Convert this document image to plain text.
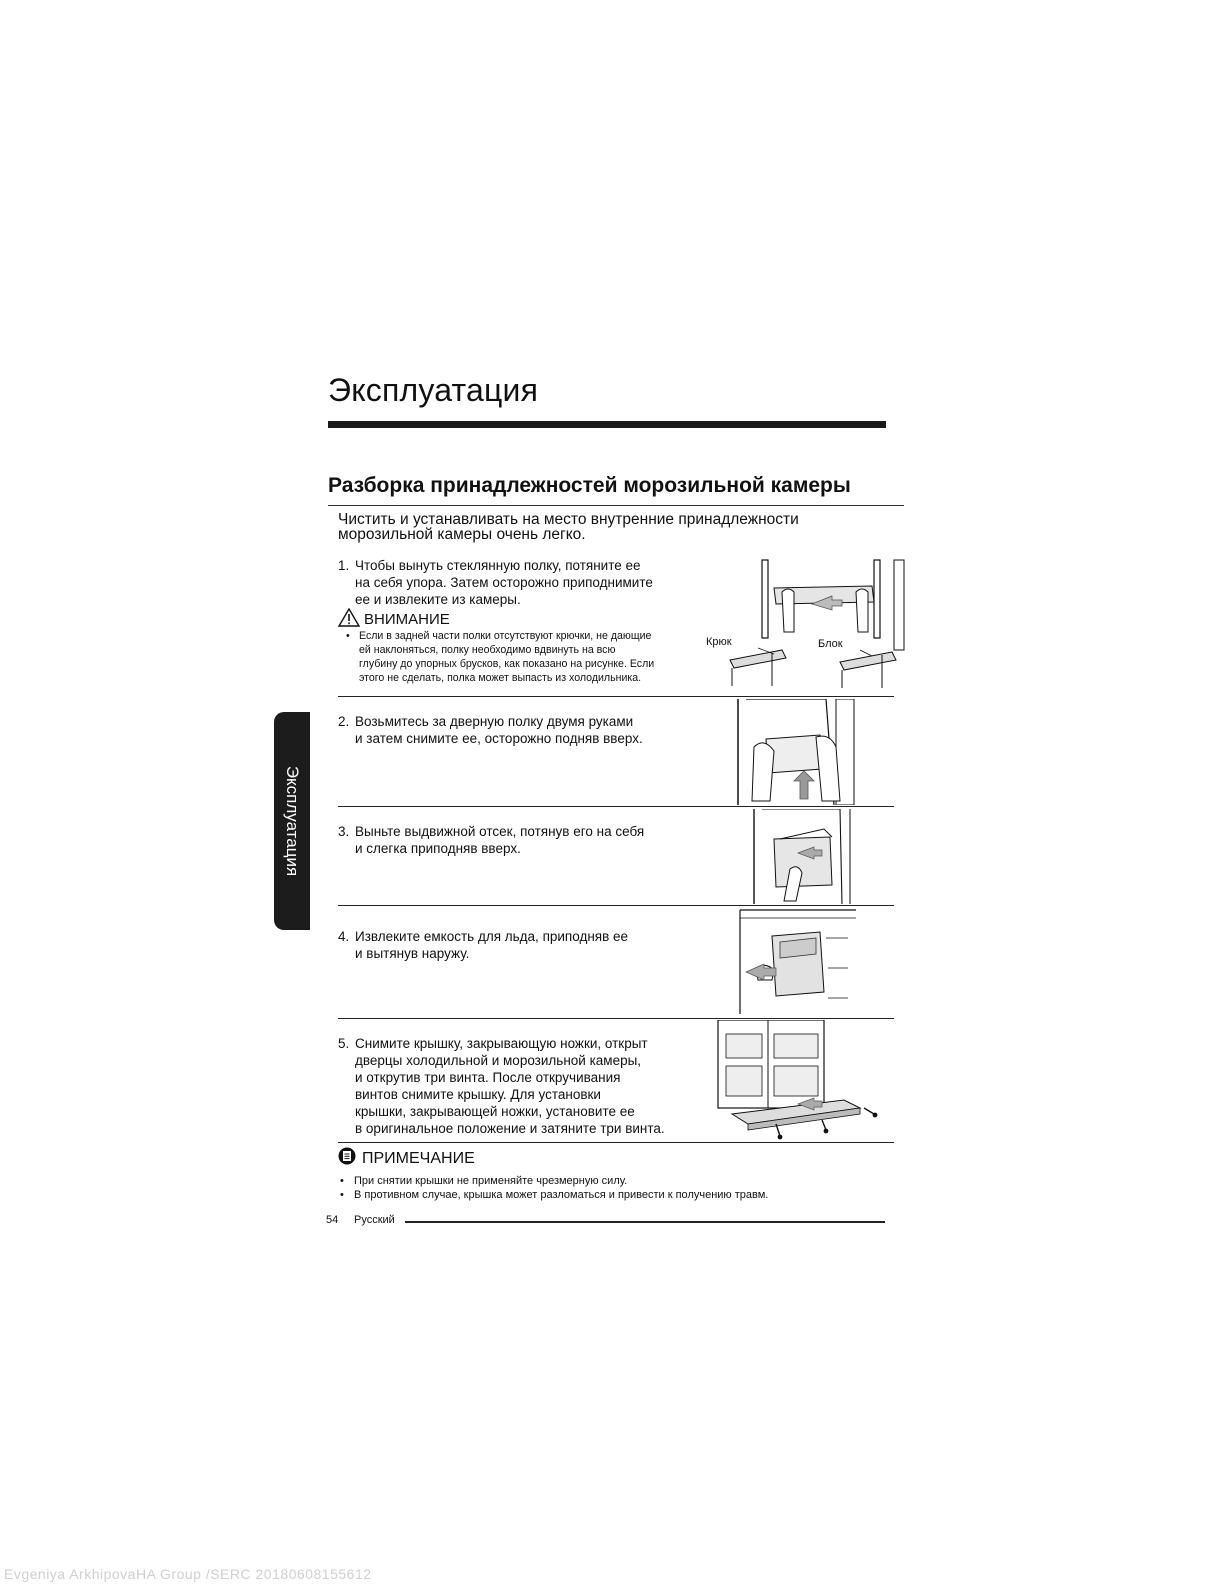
Эксплуатация
Разборка принадлежностей морозильной камеры
Чистить и устанавливать на место внутренние принадлежности
морозильной камеры очень легко.
Эксплуатация
1. Чтобы вынуть стеклянную полку, потяните ее
на себя упора. Затем осторожно приподнимите
ее и извлеките из камеры.
ВНИМАНИЕ
• Если в задней части полки отсутствуют крючки, не дающие
ей наклоняться, полку необходимо вдвинуть на всю
глубину до упорных брусков, как показано на рисунке. Если
этого не сделать, полка может выпасть из холодильника.
Крюк	Блок
2. Возьмитесь за дверную полку двумя руками
и затем снимите ее, осторожно подняв вверх.
3. Выньте выдвижной отсек, потянув его на себя
и слегка приподняв вверх.
4. Извлеките емкость для льда, приподняв ее
и вытянув наружу.
5. Снимите крышку, закрывающую ножки, открыт
дверцы холодильной и морозильной камеры,
и открутив три винта. После откручивания
винтов снимите крышку. Для установки
крышки, закрывающей ножки, установите ее
в оригинальное положение и затяните три винта.
ПРИМЕЧАНИЕ
• При снятии крышки не применяйте чрезмерную силу.
• В противном случае, крышка может разломаться и привести к получению травм.
54 Русский
Evgeniya ArkhipovaHA Group /SERC 20180608155612
